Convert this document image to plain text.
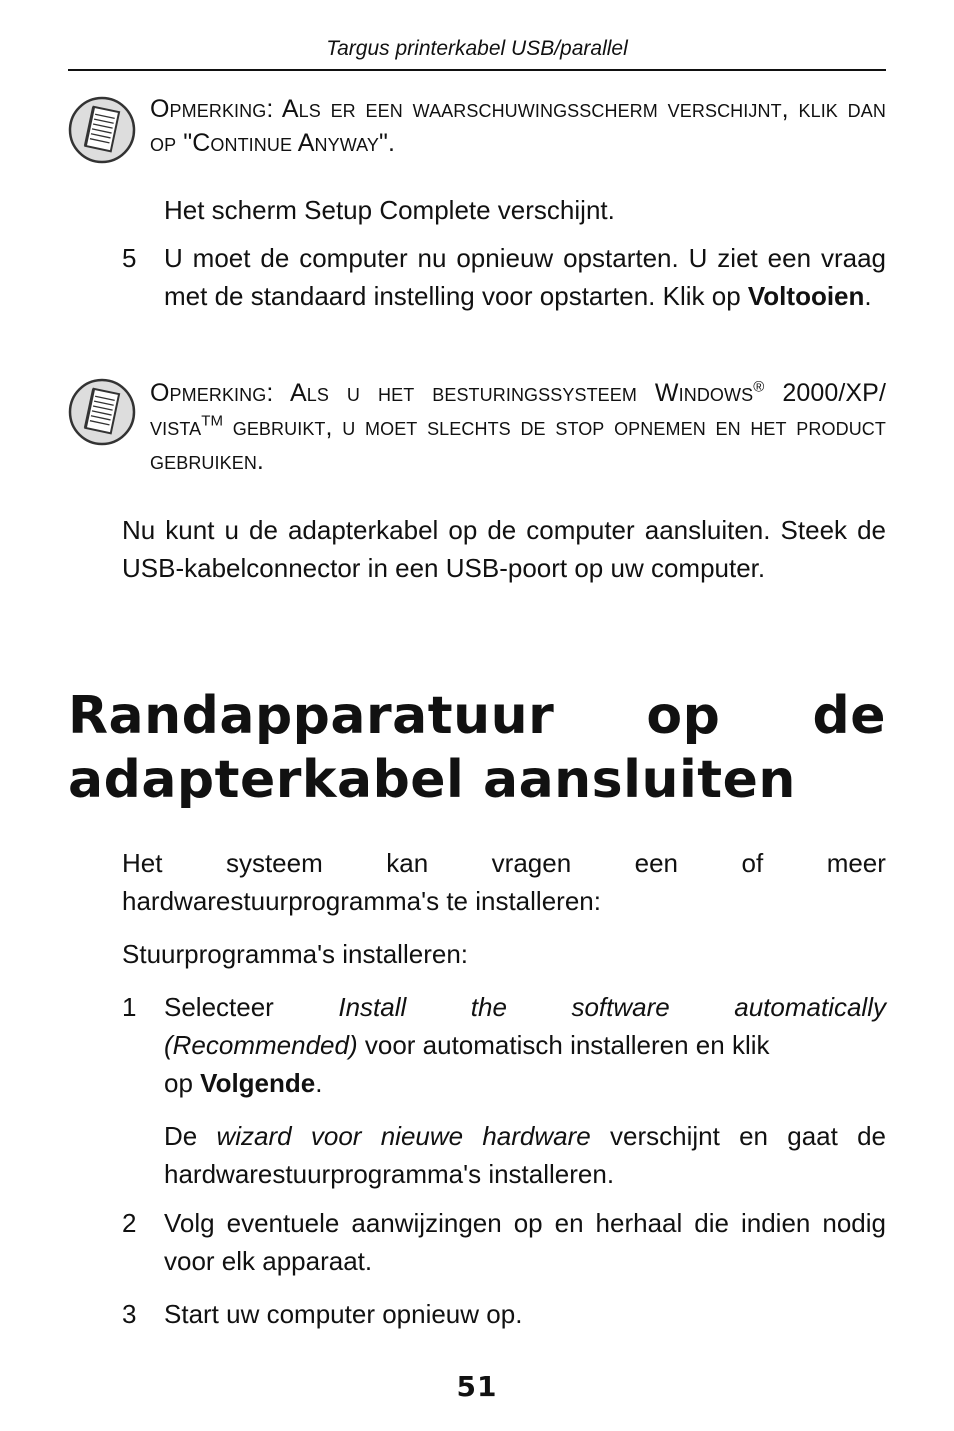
Targus printerkabel USB/parallel
Opmerking: Als er een waarschuwingsscherm verschijnt, klik dan op "Continue Anyway".
Het scherm Setup Complete verschijnt.
5	U moet de computer nu opnieuw opstarten. U ziet een vraag met de standaard instelling voor opstarten. Klik op Voltooien.
Opmerking: Als u het besturingssysteem Windows® 2000/XP/ vista™ gebruikt, u moet slechts de stop opnemen en het product gebruiken.
Nu kunt u de adapterkabel op de computer aansluiten. Steek de USB-kabelconnector in een USB-poort op uw computer.
Randapparatuur op de
adapterkabel aansluiten
Het systeem kan vragen een of meer
hardwarestuurprogramma's te installeren:
Stuurprogramma's installeren:
1	Selecteer Install the software automatically
(Recommended) voor automatisch installeren en klik
op Volgende.
De wizard voor nieuwe hardware verschijnt en gaat de hardwarestuurprogramma's installeren.
2	Volg eventuele aanwijzingen op en herhaal die indien nodig voor elk apparaat.
3	Start uw computer opnieuw op.
51
